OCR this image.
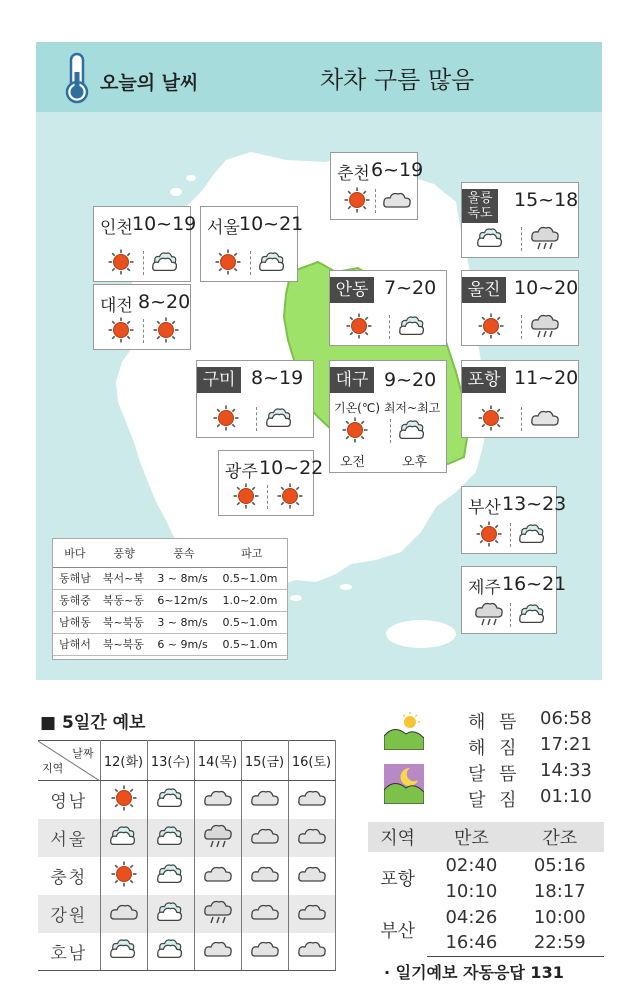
오늘의 날씨	차차 구름 많음
춘천 6~19
울릉
독도
15~18
인천 10~19 서울 10~21
대전 8~20
안동 7~20	울진 10~20
구미 8~19	포항 11~20
광주 10~22
부산 13~23
제주 16~21
대구 9~20
기온(℃) 최저~최고
오전	오후
바다	풍향	풍속	파고
동해남	북서~북	3 ~ 8m/s	0.5~1.0m
동해중	북동~동	6~12m/s	1.0~2.0m
남해동	북~북동	3 ~ 8m/s	0.5~1.0m
남해서	북~북동	6 ~ 9m/s	0.5~1.0m
■ 5일간 예보
날짜
지역	12(화)	13(수)	14(목)	15(금)	16(토)
영남					
서울					
충청					
강원					
호남					
해 뜸 06:58
해 짐 17:21
달 뜸 14:33
달 짐 01:10
지역	만조	간조
포항	02:40	05:16
	10:10	18:17
부산	04:26	10:00
	16:46	22:59
· 일기예보 자동응답 131
